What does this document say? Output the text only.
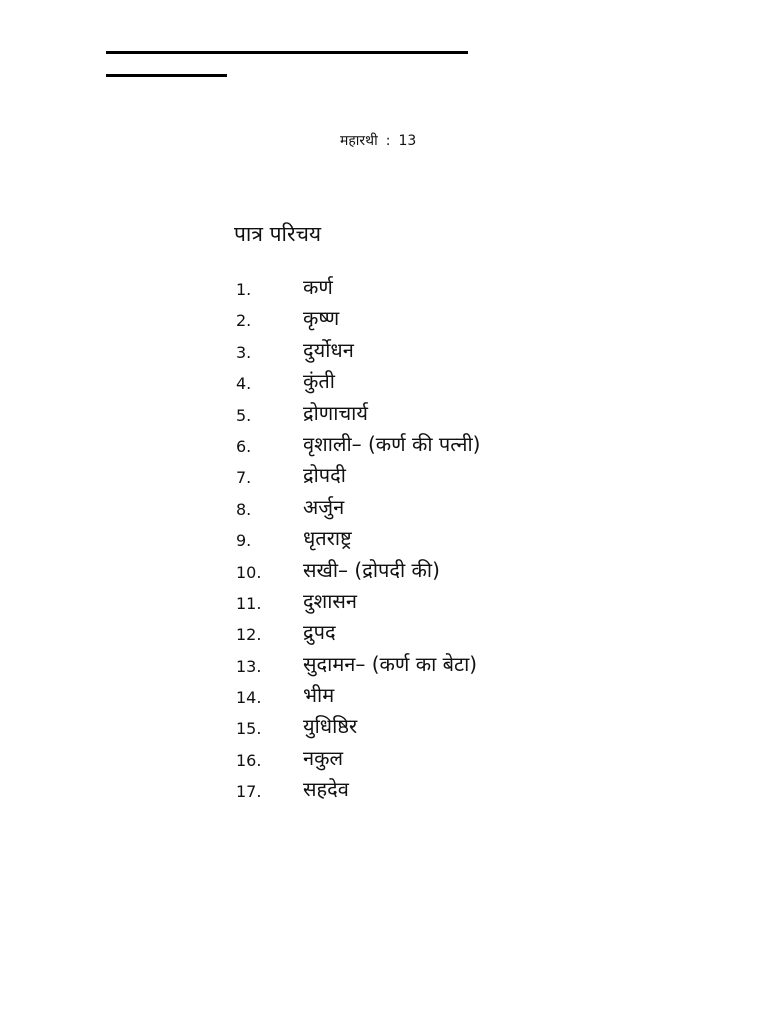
महारथी : 13
पात्र परिचय
1.	कर्ण
2.	कृष्ण
3.	दुर्योधन
4.	कुंती
5.	द्रोणाचार्य
6.	वृशाली– (कर्ण की पत्नी)
7.	द्रोपदी
8.	अर्जुन
9.	धृतराष्ट्र
10. सखी– (द्रोपदी की)
11. दुशासन
12. द्रुपद
13. सुदामन– (कर्ण का बेटा)
14. भीम
15. युधिष्ठिर
16. नकुल
17. सहदेव
